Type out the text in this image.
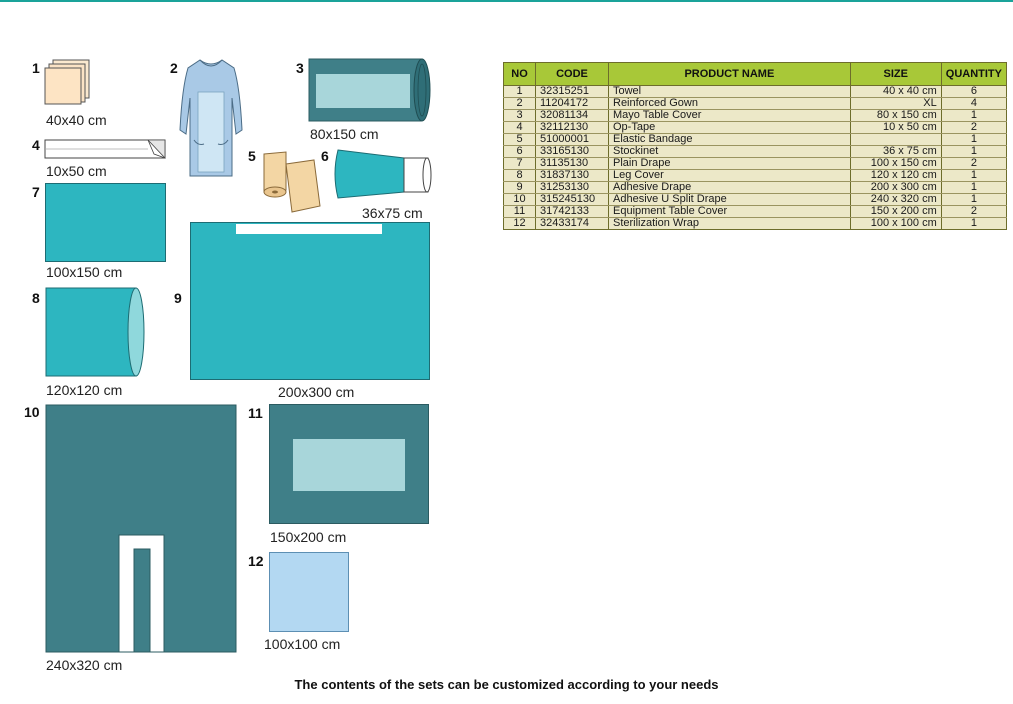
1
40x40 cm
2	3
80x150 cm
4
10x50 cm
5	6
36x75 cm
7
100x150 cm
8
120x120 cm
9
200x300 cm
10
240x320 cm
11
150x200 cm
12
100x100 cm
NO	CODE	PRODUCT NAME	SIZE	QUANTITY
1	32315251	Towel	40 x 40 cm	6
2	11204172	Reinforced Gown	XL	4
3	32081134	Mayo Table Cover	80 x 150 cm	1
4	32112130	Op-Tape	10 x 50 cm	2
5	51000001	Elastic Bandage		1
6	33165130	Stockinet	36 x 75 cm	1
7	31135130	Plain Drape	100 x 150 cm	2
8	31837130	Leg Cover	120 x 120 cm	1
9	31253130	Adhesive Drape	200 x 300 cm	1
10	315245130	Adhesive U Split Drape	240 x 320 cm	1
11	31742133	Equipment Table Cover	150 x 200 cm	2
12	32433174	Sterilization Wrap	100 x 100 cm	1
The contents of the sets can be customized according to your needs
